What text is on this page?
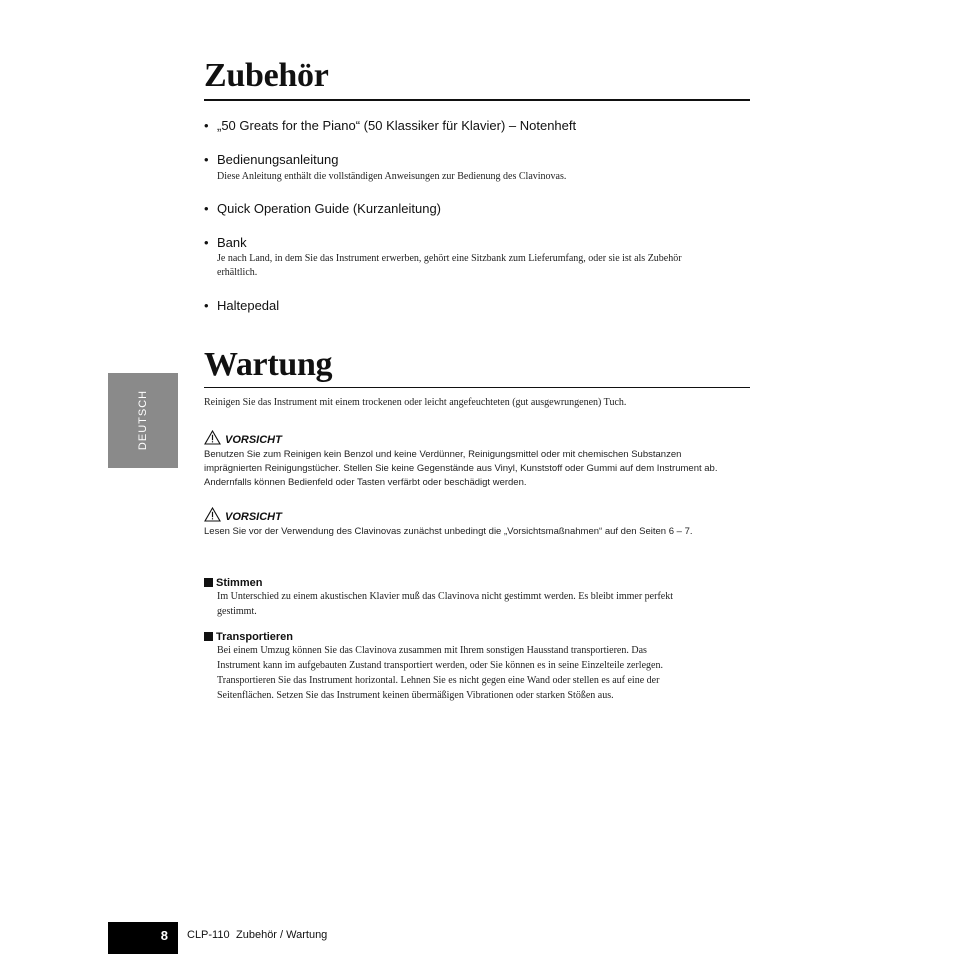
Zubehör
• „50 Greats for the Piano“ (50 Klassiker für Klavier) – Notenheft
• Bedienungsanleitung
Diese Anleitung enthält die vollständigen Anweisungen zur Bedienung des Clavinovas.
• Quick Operation Guide (Kurzanleitung)
• Bank
Je nach Land, in dem Sie das Instrument erwerben, gehört eine Sitzbank zum Lieferumfang, oder sie ist als Zubehör
erhältlich.
• Haltepedal
Wartung
Reinigen Sie das Instrument mit einem trockenen oder leicht angefeuchteten (gut ausgewrungenen) Tuch.
VORSICHT
Benutzen Sie zum Reinigen kein Benzol und keine Verdünner, Reinigungsmittel oder mit chemischen Substanzen
imprägnierten Reinigungstücher. Stellen Sie keine Gegenstände aus Vinyl, Kunststoff oder Gummi auf dem Instrument ab.
Andernfalls können Bedienfeld oder Tasten verfärbt oder beschädigt werden.
VORSICHT
Lesen Sie vor der Verwendung des Clavinovas zunächst unbedingt die „Vorsichtsmaßnahmen“ auf den Seiten 6 – 7.
Stimmen
Im Unterschied zu einem akustischen Klavier muß das Clavinova nicht gestimmt werden. Es bleibt immer perfekt
gestimmt.
Transportieren
Bei einem Umzug können Sie das Clavinova zusammen mit Ihrem sonstigen Hausstand transportieren. Das
Instrument kann im aufgebauten Zustand transportiert werden, oder Sie können es in seine Einzelteile zerlegen.
Transportieren Sie das Instrument horizontal. Lehnen Sie es nicht gegen eine Wand oder stellen es auf eine der
Seitenflächen. Setzen Sie das Instrument keinen übermäßigen Vibrationen oder starken Stößen aus.
DEUTSCH
8 CLP-110 Zubehör / Wartung
